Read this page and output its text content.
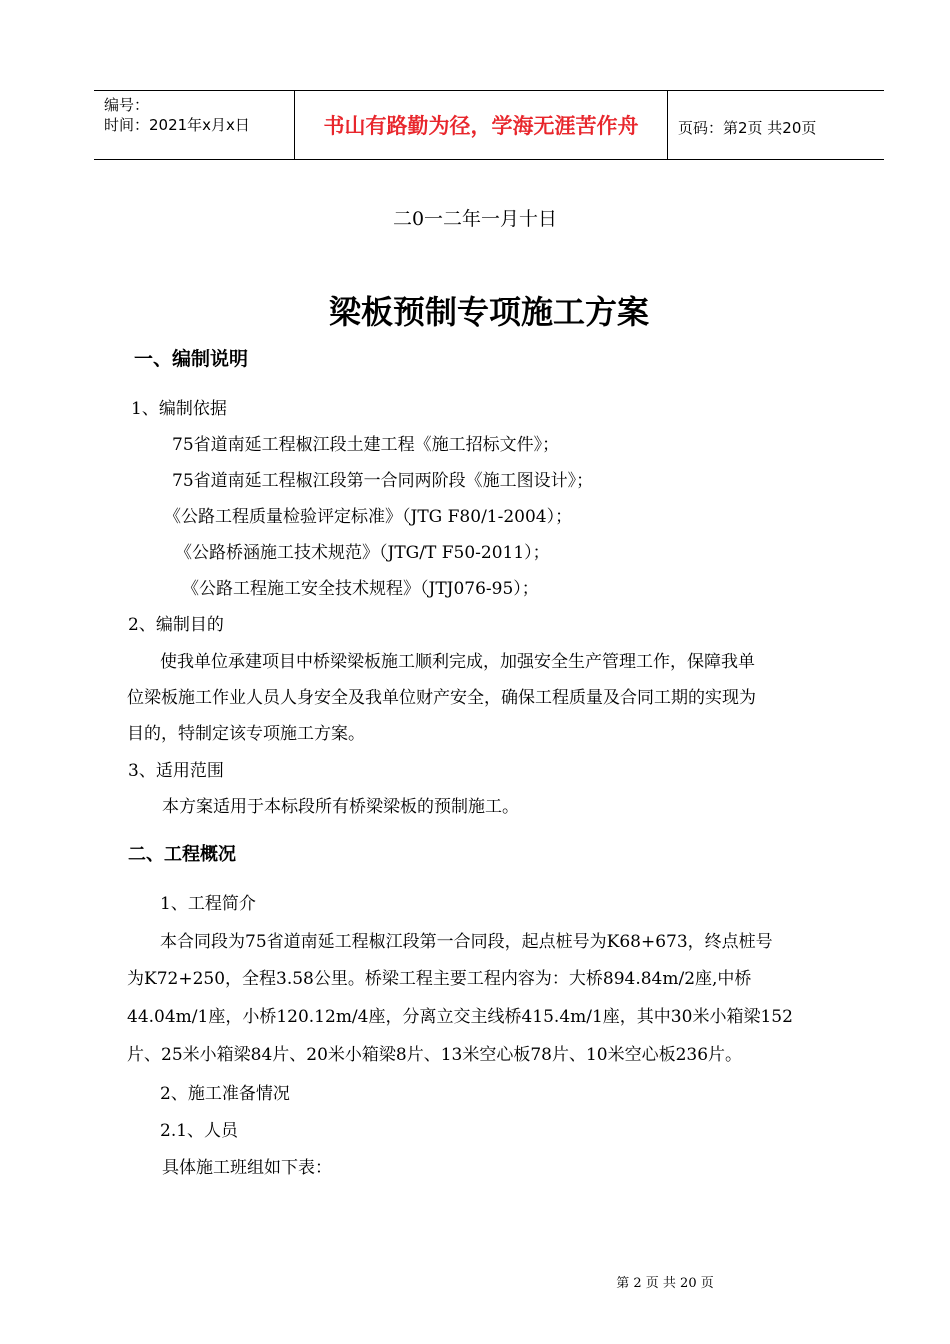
编号：
时间：2021年x月x日	书山有路勤为径，学海无涯苦作舟	页码：第2页 共20页
二0一二年一月十日
梁板预制专项施工方案
一、编制说明
1、编制依据
75省道南延工程椒江段土建工程《施工招标文件》；
75省道南延工程椒江段第一合同两阶段《施工图设计》；
《公路工程质量检验评定标准》（JTG F80/1-2004）；
《公路桥涵施工技术规范》（JTG/T F50-2011）；
《公路工程施工安全技术规程》（JTJ076-95）；
2、编制目的
使我单位承建项目中桥梁梁板施工顺利完成，加强安全生产管理工作，保障我单
位梁板施工作业人员人身安全及我单位财产安全，确保工程质量及合同工期的实现为
目的，特制定该专项施工方案。
3、适用范围
本方案适用于本标段所有桥梁梁板的预制施工。
二、工程概况
1、工程简介
本合同段为75省道南延工程椒江段第一合同段，起点桩号为K68+673，终点桩号
为K72+250，全程3.58公里。桥梁工程主要工程内容为：大桥894.84m/2座,中桥
44.04m/1座，小桥120.12m/4座，分离立交主线桥415.4m/1座，其中30米小箱梁152
片、25米小箱梁84片、20米小箱梁8片、13米空心板78片、10米空心板236片。
2、施工准备情况
2.1、人员
具体施工班组如下表：
第 2 页 共 20 页
